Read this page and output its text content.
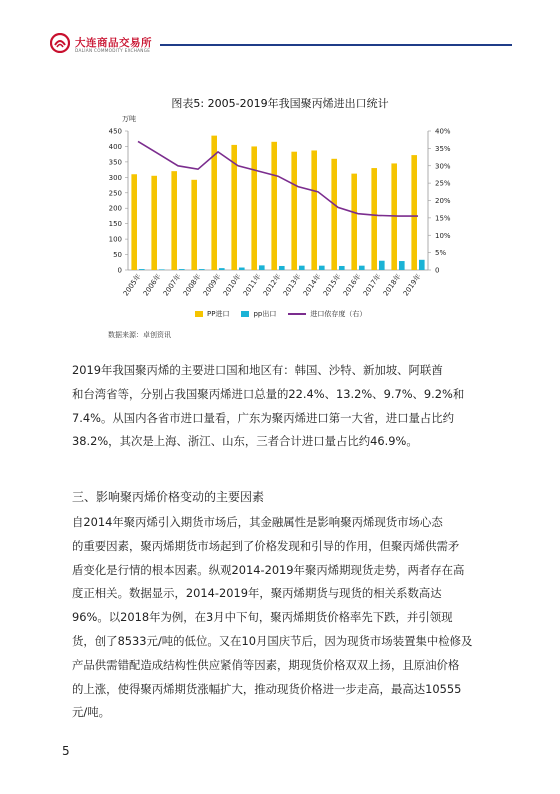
大连商品交易所
DALIAN COMMODITY EXCHANGE
图表5: 2005-2019年我国聚丙烯进出口统计
万吨
0
50
100
150
200
250
300
350
400
450
0
5%
10%
15%
20%
25%
30%
35%
40%
2005年 2006年 2007年 2008年 2009年 2010年 2011年 2012年 2013年 2014年 2015年 2016年 2017年 2018年 2019年
PP进口	pp出口	进口依存度（右）
数据来源：卓创资讯
2019年我国聚丙烯的主要进口国和地区有：韩国、沙特、新加坡、阿联酋
和台湾省等，分别占我国聚丙烯进口总量的22.4%、13.2%、9.7%、9.2%和
7.4%。从国内各省市进口量看，广东为聚丙烯进口第一大省，进口量占比约
38.2%，其次是上海、浙江、山东，三者合计进口量占比约46.9%。
三、影响聚丙烯价格变动的主要因素
自2014年聚丙烯引入期货市场后，其金融属性是影响聚丙烯现货市场心态
的重要因素，聚丙烯期货市场起到了价格发现和引导的作用，但聚丙烯供需矛
盾变化是行情的根本因素。纵观2014-2019年聚丙烯期现货走势，两者存在高
度正相关。数据显示，2014-2019年，聚丙烯期货与现货的相关系数高达
96%。以2018年为例，在3月中下旬，聚丙烯期货价格率先下跌，并引领现
货，创了8533元/吨的低位。又在10月国庆节后，因为现货市场装置集中检修及
产品供需错配造成结构性供应紧俏等因素，期现货价格双双上扬，且原油价格
的上涨，使得聚丙烯期货涨幅扩大，推动现货价格进一步走高，最高达10555
元/吨。
5
